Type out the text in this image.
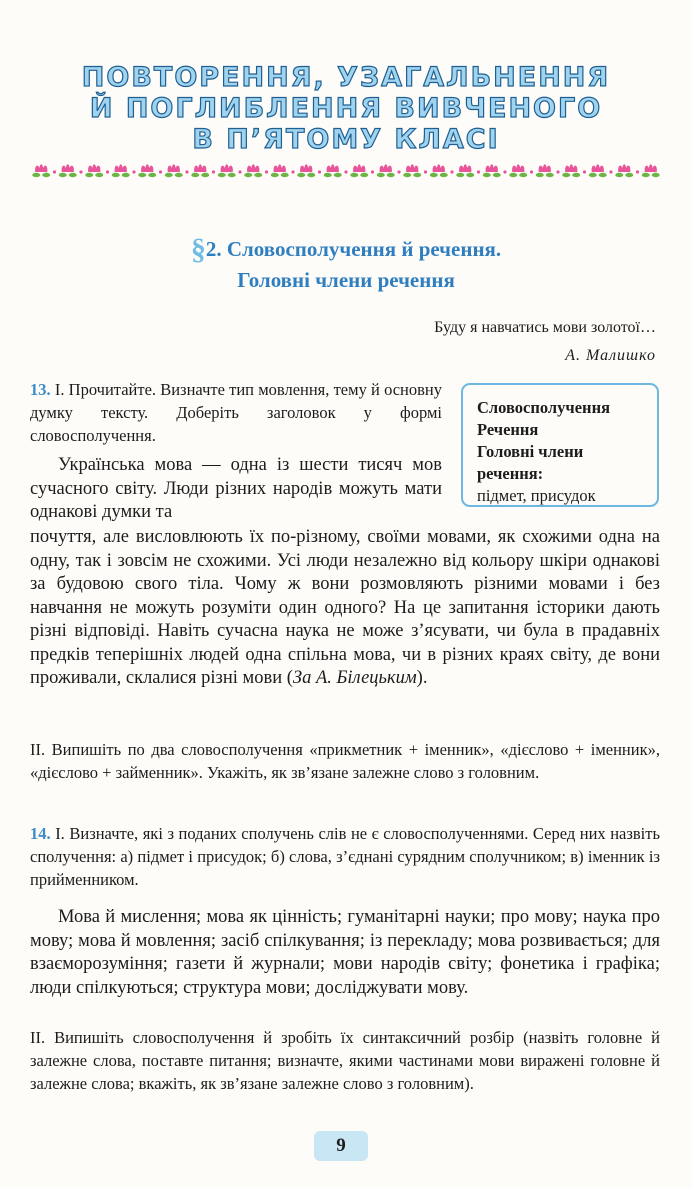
ПОВТОРЕННЯ, УЗАГАЛЬНЕННЯ
Й ПОГЛИБЛЕННЯ ВИВЧЕНОГО
В П’ЯТОМУ КЛАСІ
§2. Словосполучення й речення.
Головні члени речення
Буду я навчатись мови золотої…
А. Малишко
13. І. Прочитайте. Визначте тип мовлення, тему й основну думку тексту. Доберіть заголовок у формі словосполучення.
Українська мова — одна із шести тисяч мов сучасного світу. Люди різних народів можуть мати однакові думки та
Словосполучення
Речення
Головні члени
речення:
підмет, присудок
почуття, але висловлюють їх по-різному, своїми мовами, як схожими одна на одну, так і зовсім не схожими. Усі люди незалежно від кольору шкіри однакові за будовою свого тіла. Чому ж вони розмовляють різними мовами і без навчання не можуть розуміти один одного? На це запитання історики дають різні відповіді. Навіть сучасна наука не може з’ясувати, чи була в прадавніх предків теперішніх людей одна спільна мова, чи в різних краях світу, де вони проживали, склалися різні мови (За А. Білецьким).
ІІ. Випишіть по два словосполучення «прикметник + іменник», «дієслово + іменник», «дієслово + займенник». Укажіть, як зв’язане залежне слово з головним.
14. І. Визначте, які з поданих сполучень слів не є словосполученнями. Серед них назвіть сполучення: а) підмет і присудок; б) слова, з’єднані сурядним сполучником; в) іменник із прийменником.
Мова й мислення; мова як цінність; гуманітарні науки; про мову; наука про мову; мова й мовлення; засіб спілкування; із перекладу; мова розвивається; для взаєморозуміння; газети й журнали; мови народів світу; фонетика і графіка; люди спілкуються; структура мови; досліджувати мову.
ІІ. Випишіть словосполучення й зробіть їх синтаксичний розбір (назвіть головне й залежне слова, поставте питання; визначте, якими частинами мови виражені головне й залежне слова; вкажіть, як зв’язане залежне слово з головним).
9
